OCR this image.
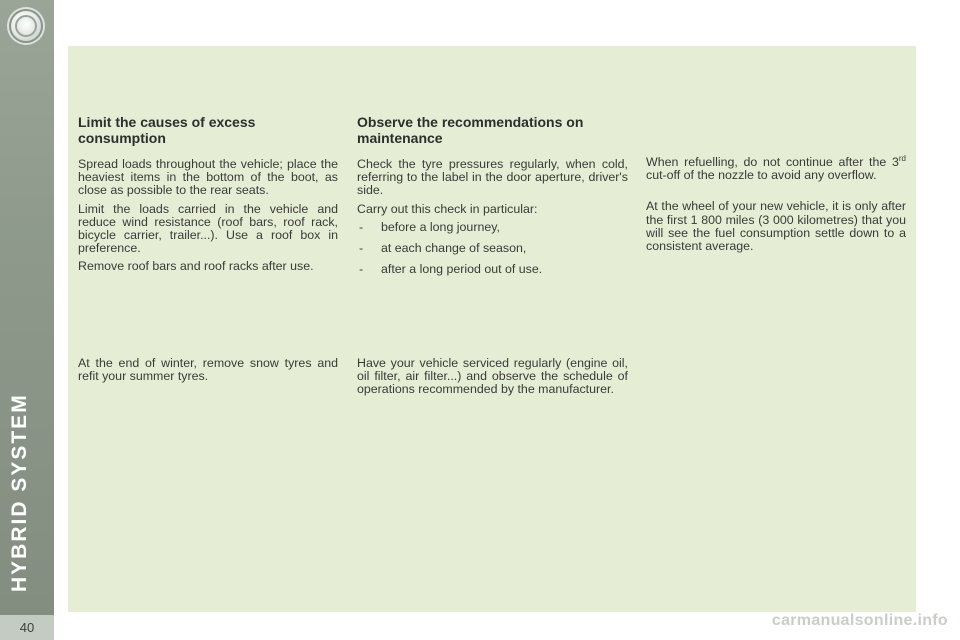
HYBRID SYSTEM
40
Limit the causes of excess consumption

Spread loads throughout the vehicle; place the heaviest items in the bottom of the boot, as close as possible to the rear seats.

Limit the loads carried in the vehicle and reduce wind resistance (roof bars, roof rack, bicycle carrier, trailer...). Use a roof box in preference.

Remove roof bars and roof racks after use.

At the end of winter, remove snow tyres and refit your summer tyres.

Observe the recommendations on maintenance

Check the tyre pressures regularly, when cold, referring to the label in the door aperture, driver's side.

Carry out this check in particular:

- before a long journey,
- at each change of season,
- after a long period out of use.

Have your vehicle serviced regularly (engine oil, oil filter, air filter...) and observe the schedule of operations recommended by the manufacturer.

When refuelling, do not continue after the 3rd cut-off of the nozzle to avoid any overflow.

At the wheel of your new vehicle, it is only after the first 1 800 miles (3 000 kilometres) that you will see the fuel consumption settle down to a consistent average.

carmanualsonline.info
